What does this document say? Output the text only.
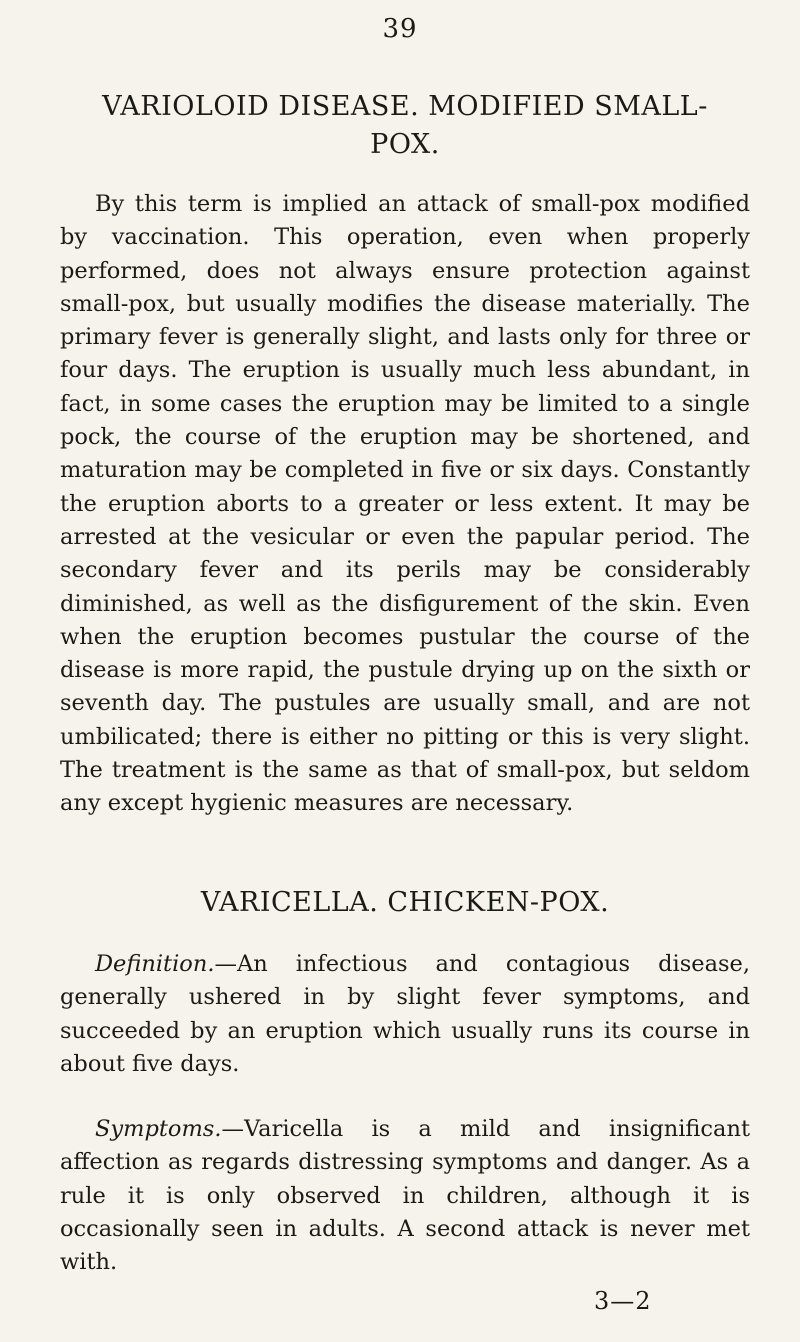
39
VARIOLOID DISEASE. MODIFIED SMALL-
POX.

By this term is implied an attack of small-pox modified by vaccination. This operation, even when properly performed, does not always ensure protection against small-pox, but usually modifies the disease materially. The primary fever is generally slight, and lasts only for three or four days. The eruption is usually much less abundant, in fact, in some cases the eruption may be limited to a single pock, the course of the eruption may be shortened, and maturation may be completed in five or six days. Constantly the eruption aborts to a greater or less extent. It may be arrested at the vesicular or even the papular period. The secondary fever and its perils may be considerably diminished, as well as the disfigurement of the skin. Even when the eruption becomes pustular the course of the disease is more rapid, the pustule drying up on the sixth or seventh day. The pustules are usually small, and are not umbilicated; there is either no pitting or this is very slight. The treatment is the same as that of small-pox, but seldom any except hygienic measures are necessary.

VARICELLA. CHICKEN-POX.

Definition.—An infectious and contagious disease, generally ushered in by slight fever symptoms, and succeeded by an eruption which usually runs its course in about five days.

Symptoms.—Varicella is a mild and insignificant affection as regards distressing symptoms and danger. As a rule it is only observed in children, although it is occasionally seen in adults. A second attack is never met with.

3—2
